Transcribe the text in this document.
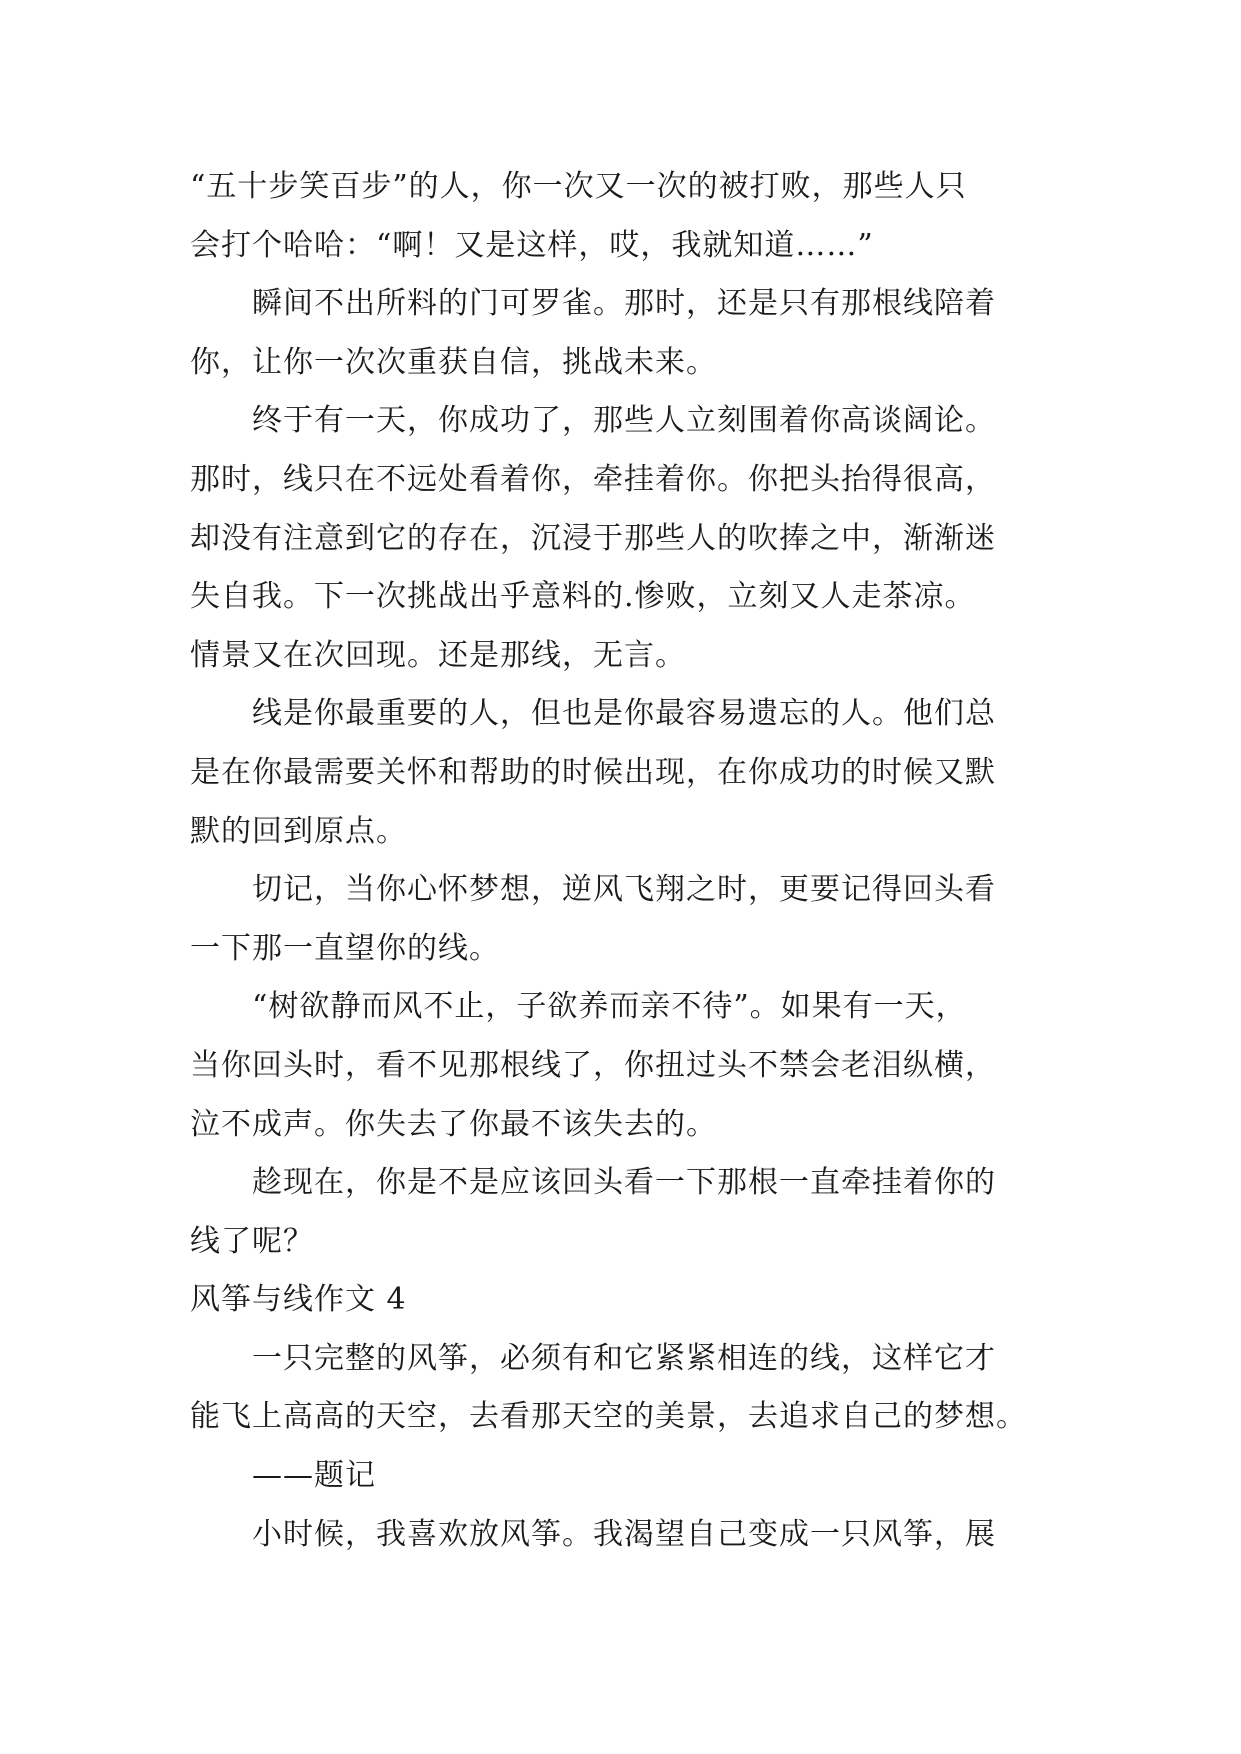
“五十步笑百步”的人，你一次又一次的被打败，那些人只
会打个哈哈：“啊！又是这样，哎，我就知道……”
瞬间不出所料的门可罗雀。那时，还是只有那根线陪着
你，让你一次次重获自信，挑战未来。
终于有一天，你成功了，那些人立刻围着你高谈阔论。
那时，线只在不远处看着你，牵挂着你。你把头抬得很高，
却没有注意到它的存在，沉浸于那些人的吹捧之中，渐渐迷
失自我。下一次挑战出乎意料的.惨败，立刻又人走茶凉。
情景又在次回现。还是那线，无言。
线是你最重要的人，但也是你最容易遗忘的人。他们总
是在你最需要关怀和帮助的时候出现，在你成功的时候又默
默的回到原点。
切记，当你心怀梦想，逆风飞翔之时，更要记得回头看
一下那一直望你的线。
“树欲静而风不止，子欲养而亲不待”。如果有一天，
当你回头时，看不见那根线了，你扭过头不禁会老泪纵横，
泣不成声。你失去了你最不该失去的。
趁现在，你是不是应该回头看一下那根一直牵挂着你的
线了呢？
风筝与线作文 4
一只完整的风筝，必须有和它紧紧相连的线，这样它才
能飞上高高的天空，去看那天空的美景，去追求自己的梦想。
——题记
小时候，我喜欢放风筝。我渴望自己变成一只风筝，展
